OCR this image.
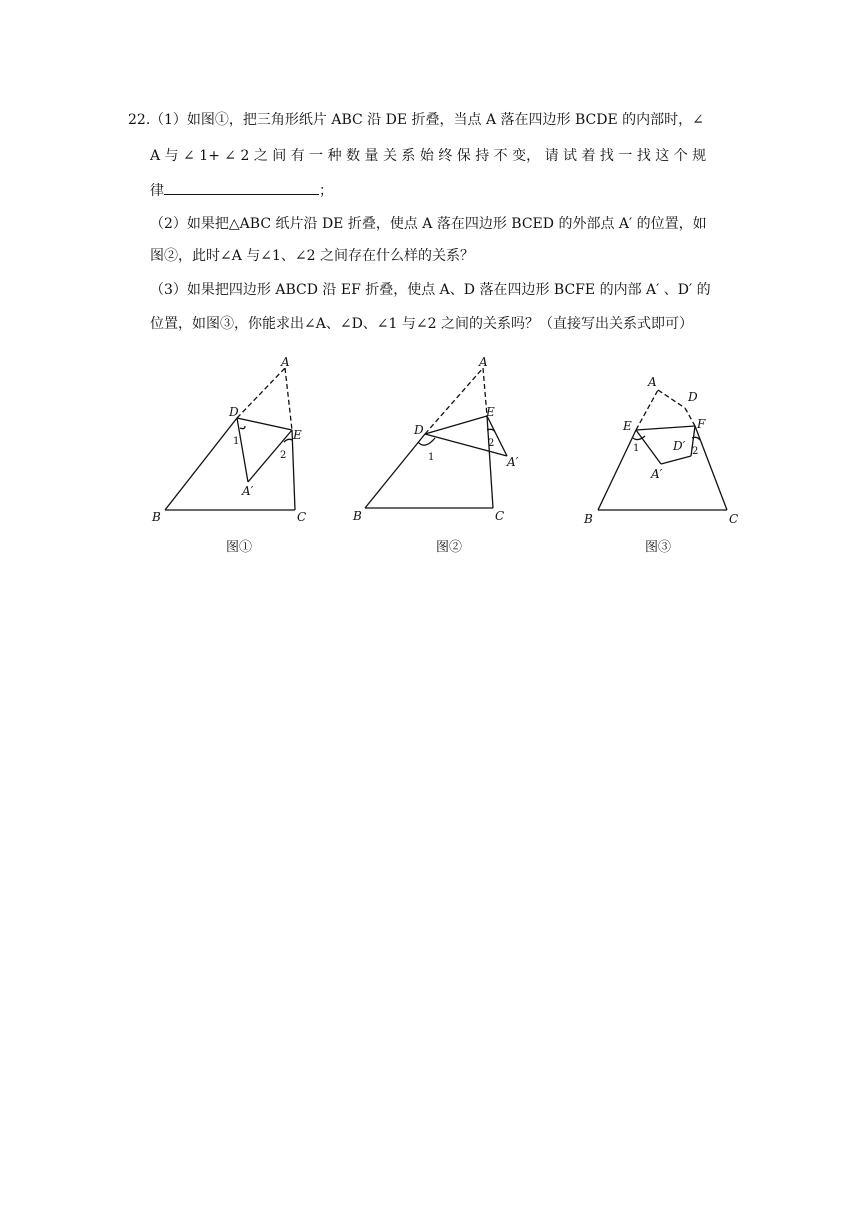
22. （1）如图①，把三角形纸片 ABC 沿 DE 折叠，当点 A 落在四边形 BCDE 的内部时，∠
A 与 ∠ 1+ ∠ 2 之 间 有 一 种 数 量 关 系 始 终 保 持 不 变， 请 试 着 找 一 找 这 个 规
律	；
（2）如果把△ABC 纸片沿 DE 折叠，使点 A 落在四边形 BCED 的外部点 A′ 的位置，如
图②，此时∠A 与∠1、∠2 之间存在什么样的关系？
（3）如果把四边形 ABCD 沿 EF 折叠，使点 A、D 落在四边形 BCFE 的内部 A′ 、D′ 的
位置，如图③，你能求出∠A、∠D、∠1 与∠2 之间的关系吗？（直接写出关系式即可）
A
B	C
D
E
A′
1
2
图①
A
B	C
D
E
A′
1
2
图②
A
D
B	C
E	F
A′
D′
1	2
图③
